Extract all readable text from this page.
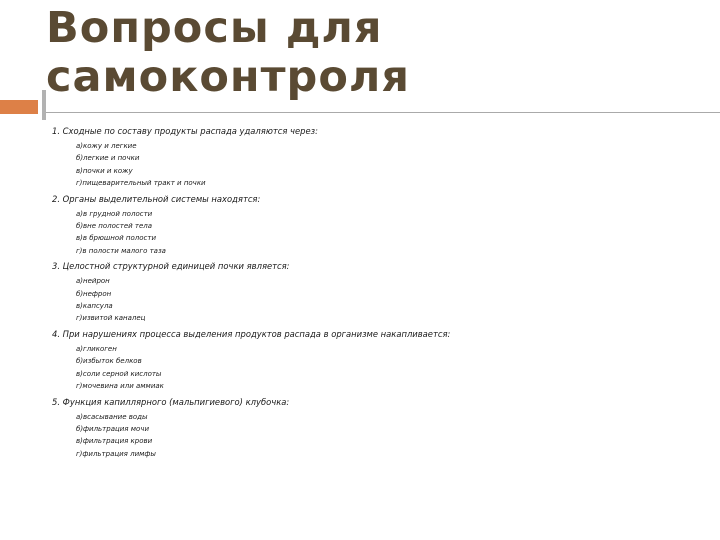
Вопросы для
самоконтроля

1. Сходные по составу продукты распада удаляются через:

а)кожу и легкие
б)легкие и почки
в)почки и кожу
г)пищеварительный тракт и почки

2. Органы выделительной системы находятся:

а)в грудной полости
б)вне полостей тела
в)в брюшной полости
г)в полости малого таза

3. Целостной структурной единицей почки является:

а)нейрон
б)нефрон
в)капсула
г)извитой каналец

4. При нарушениях процесса выделения продуктов распада в организме накапливается:

а)гликоген
б)избыток белков
в)соли серной кислоты
г)мочевина или аммиак

5. Функция капиллярного (мальпигиевого) клубочка:

а)всасывание воды
б)фильтрация мочи
в)фильтрация крови
г)фильтрация лимфы
